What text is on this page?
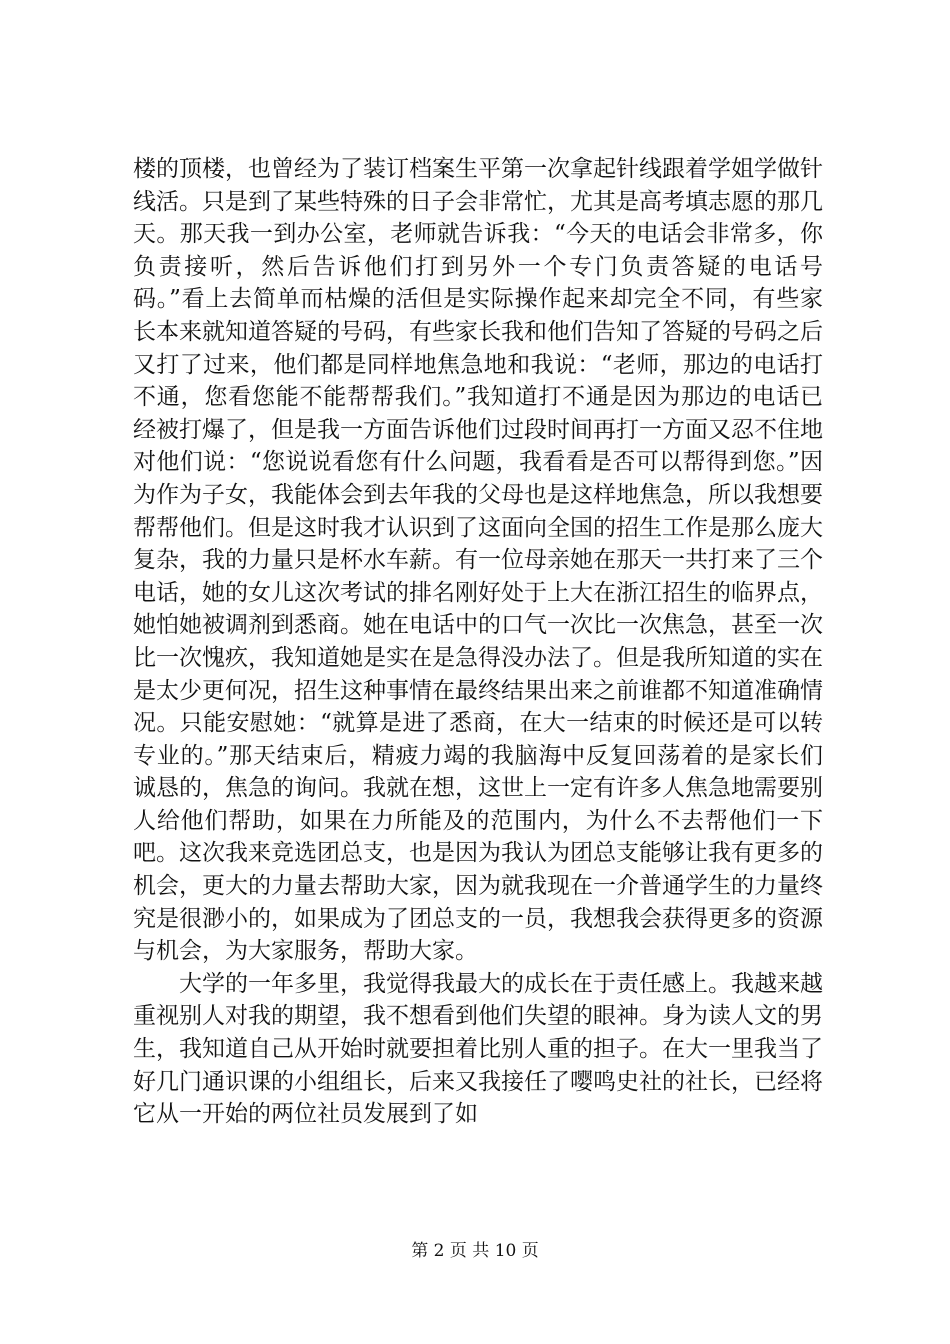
楼的顶楼，也曾经为了装订档案生平第一次拿起针线跟着学姐学做针线活。只是到了某些特殊的日子会非常忙，尤其是高考填志愿的那几天。那天我一到办公室，老师就告诉我：“今天的电话会非常多，你负责接听，然后告诉他们打到另外一个专门负责答疑的电话号码。”看上去简单而枯燥的活但是实际操作起来却完全不同，有些家长本来就知道答疑的号码，有些家长我和他们告知了答疑的号码之后又打了过来，他们都是同样地焦急地和我说：“老师，那边的电话打不通，您看您能不能帮帮我们。”我知道打不通是因为那边的电话已经被打爆了，但是我一方面告诉他们过段时间再打一方面又忍不住地对他们说：“您说说看您有什么问题，我看看是否可以帮得到您。”因为作为子女，我能体会到去年我的父母也是这样地焦急，所以我想要帮帮他们。但是这时我才认识到了这面向全国的招生工作是那么庞大复杂，我的力量只是杯水车薪。有一位母亲她在那天一共打来了三个电话，她的女儿这次考试的排名刚好处于上大在浙江招生的临界点，她怕她被调剂到悉商。她在电话中的口气一次比一次焦急，甚至一次比一次愧疚，我知道她是实在是急得没办法了。但是我所知道的实在是太少更何况，招生这种事情在最终结果出来之前谁都不知道准确情况。只能安慰她：“就算是进了悉商，在大一结束的时候还是可以转专业的。”那天结束后，精疲力竭的我脑海中反复回荡着的是家长们诚恳的，焦急的询问。我就在想，这世上一定有许多人焦急地需要别人给他们帮助，如果在力所能及的范围内，为什么不去帮他们一下吧。这次我来竞选团总支，也是因为我认为团总支能够让我有更多的机会，更大的力量去帮助大家，因为就我现在一介普通学生的力量终究是很渺小的，如果成为了团总支的一员，我想我会获得更多的资源与机会，为大家服务，帮助大家。

大学的一年多里，我觉得我最大的成长在于责任感上。我越来越重视别人对我的期望，我不想看到他们失望的眼神。身为读人文的男生，我知道自己从开始时就要担着比别人重的担子。在大一里我当了好几门通识课的小组组长，后来又我接任了嘤鸣史社的社长，已经将它从一开始的两位社员发展到了如

第 2 页 共 10 页
